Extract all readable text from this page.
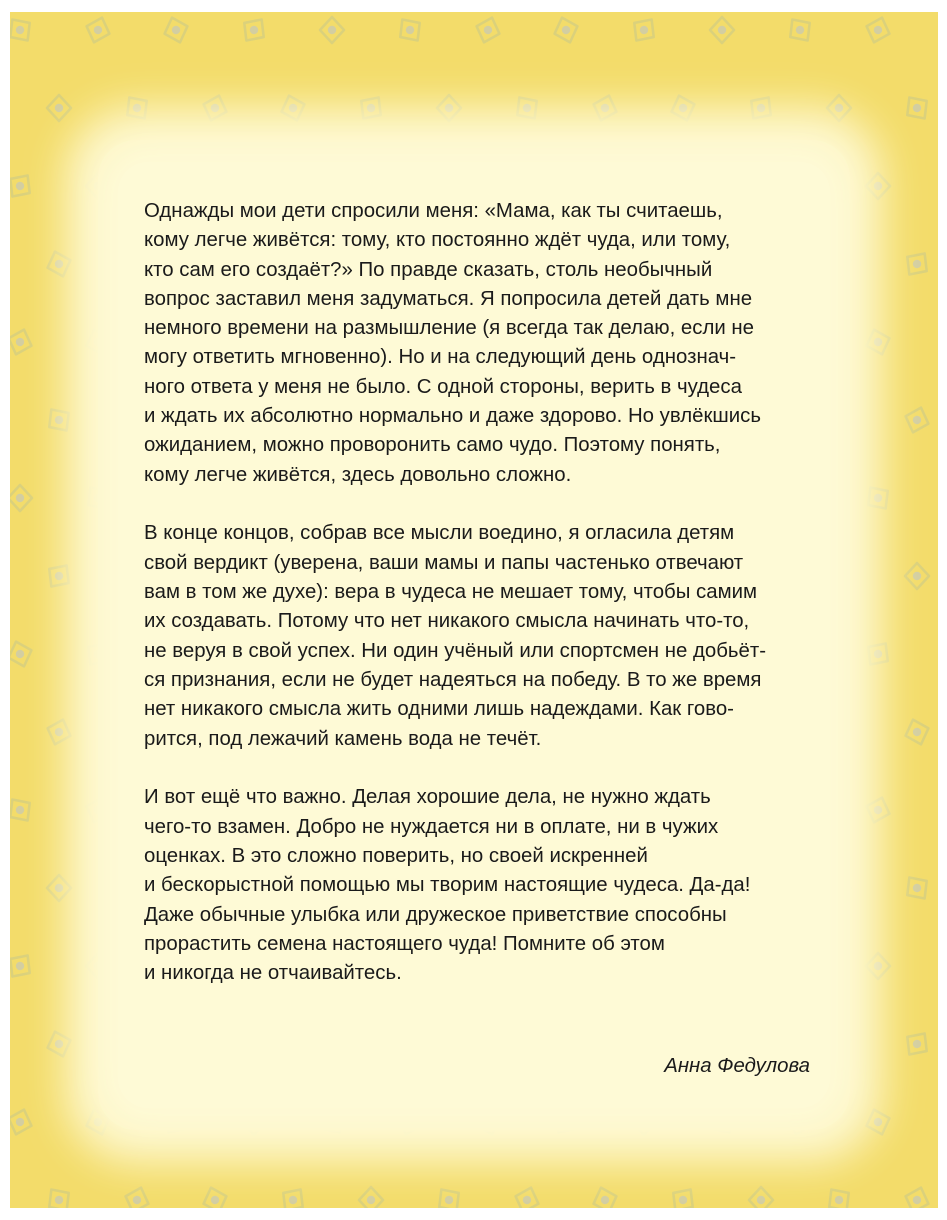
Однажды мои дети спросили меня: «Мама, как ты считаешь,
кому легче живётся: тому, кто постоянно ждёт чуда, или тому,
кто сам его создаёт?» По правде сказать, столь необычный
вопрос заставил меня задуматься. Я попросила детей дать мне
немного времени на размышление (я всегда так делаю, если не
могу ответить мгновенно). Но и на следующий день однознач-
ного ответа у меня не было. С одной стороны, верить в чудеса
и ждать их абсолютно нормально и даже здорово. Но увлёкшись
ожиданием, можно проворонить само чудо. Поэтому понять,
кому легче живётся, здесь довольно сложно.
В конце концов, собрав все мысли воедино, я огласила детям
свой вердикт (уверена, ваши мамы и папы частенько отвечают
вам в том же духе): вера в чудеса не мешает тому, чтобы самим
их создавать. Потому что нет никакого смысла начинать что-то,
не веруя в свой успех. Ни один учёный или спортсмен не добьёт-
ся признания, если не будет надеяться на победу. В то же время
нет никакого смысла жить одними лишь надеждами. Как гово-
рится, под лежачий камень вода не течёт.
И вот ещё что важно. Делая хорошие дела, не нужно ждать
чего-то взамен. Добро не нуждается ни в оплате, ни в чужих
оценках. В это сложно поверить, но своей искренней
и бескорыстной помощью мы творим настоящие чудеса. Да-да!
Даже обычные улыбка или дружеское приветствие способны
прорастить семена настоящего чуда! Помните об этом
и никогда не отчаивайтесь.
Анна Федулова
